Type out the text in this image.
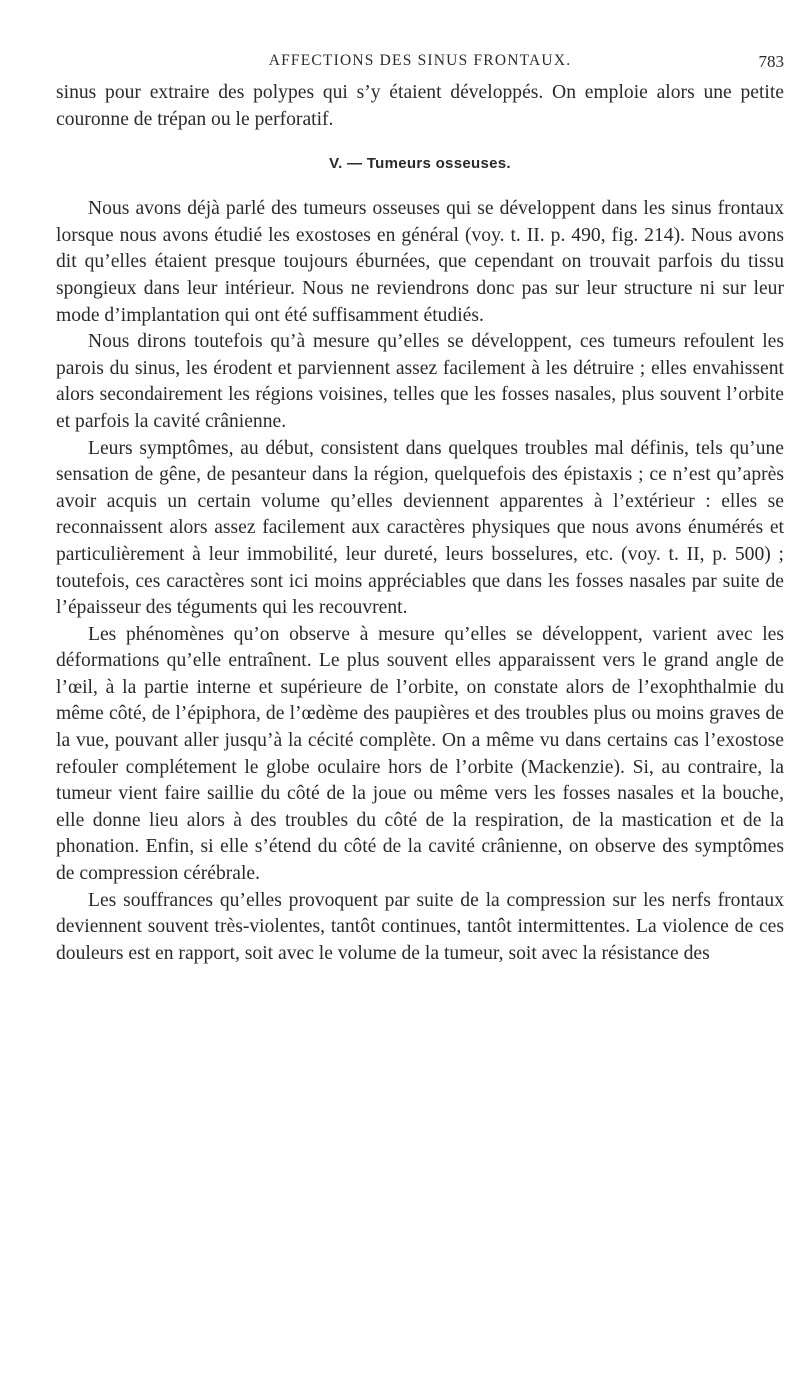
AFFECTIONS DES SINUS FRONTAUX.	783

sinus pour extraire des polypes qui s’y étaient développés. On emploie alors une petite couronne de trépan ou le perforatif.

V. — Tumeurs osseuses.

Nous avons déjà parlé des tumeurs osseuses qui se développent dans les sinus frontaux lorsque nous avons étudié les exostoses en général (voy. t. II. p. 490, fig. 214). Nous avons dit qu’elles étaient presque toujours éburnées, que cependant on trouvait parfois du tissu spongieux dans leur intérieur. Nous ne reviendrons donc pas sur leur structure ni sur leur mode d’implantation qui ont été suffisamment étudiés.

Nous dirons toutefois qu’à mesure qu’elles se développent, ces tumeurs refoulent les parois du sinus, les érodent et parviennent assez facilement à les détruire ; elles envahissent alors secondairement les régions voisines, telles que les fosses nasales, plus souvent l’orbite et parfois la cavité crânienne.

Leurs symptômes, au début, consistent dans quelques troubles mal définis, tels qu’une sensation de gêne, de pesanteur dans la région, quelquefois des épistaxis ; ce n’est qu’après avoir acquis un certain volume qu’elles deviennent apparentes à l’extérieur : elles se reconnaissent alors assez facilement aux caractères physiques que nous avons énumérés et particulièrement à leur immobilité, leur dureté, leurs bosselures, etc. (voy. t. II, p. 500) ; toutefois, ces caractères sont ici moins appréciables que dans les fosses nasales par suite de l’épaisseur des téguments qui les recouvrent.

Les phénomènes qu’on observe à mesure qu’elles se développent, varient avec les déformations qu’elle entraînent. Le plus souvent elles apparaissent vers le grand angle de l’œil, à la partie interne et supérieure de l’orbite, on constate alors de l’exophthalmie du même côté, de l’épiphora, de l’œdème des paupières et des troubles plus ou moins graves de la vue, pouvant aller jusqu’à la cécité complète. On a même vu dans certains cas l’exostose refouler complétement le globe oculaire hors de l’orbite (Mackenzie). Si, au contraire, la tumeur vient faire saillie du côté de la joue ou même vers les fosses nasales et la bouche, elle donne lieu alors à des troubles du côté de la respiration, de la mastication et de la phonation. Enfin, si elle s’étend du côté de la cavité crânienne, on observe des symptômes de compression cérébrale.

Les souffrances qu’elles provoquent par suite de la compression sur les nerfs frontaux deviennent souvent très-violentes, tantôt continues, tantôt intermittentes. La violence de ces douleurs est en rapport, soit avec le volume de la tumeur, soit avec la résistance des
